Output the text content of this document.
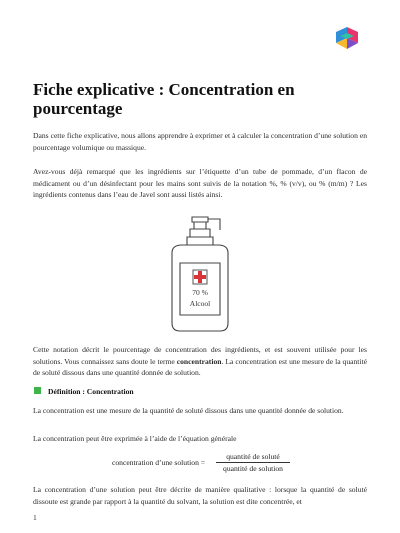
Fiche explicative : Concentration en pourcentage

Dans cette fiche explicative, nous allons apprendre à exprimer et à calculer la concentration d’une solution en pourcentage volumique ou massique.

Avez-vous déjà remarqué que les ingrédients sur l’étiquette d’un tube de pommade, d’un flacon de médicament ou d’un désinfectant pour les mains sont suivis de la notation %, % (v/v), ou % (m/m) ? Les ingrédients contenus dans l’eau de Javel sont aussi listés ainsi.

70 %
Alcool

Cette notation décrit le pourcentage de concentration des ingrédients, et est souvent utilisée pour les solutions. Vous connaissez sans doute le terme concentration. La concentration est une mesure de la quantité de soluté dissous dans une quantité donnée de solution.

Définition : Concentration

La concentration est une mesure de la quantité de soluté dissous dans une quantité donnée de solution.

La concentration peut être exprimée à l’aide de l’équation générale

concentration d’une solution =
quantité de soluté
quantité de solution

La concentration d’une solution peut être décrite de manière qualitative : lorsque la quantité de soluté dissoute est grande par rapport à la quantité du solvant, la solution est dite concentrée, et

1
